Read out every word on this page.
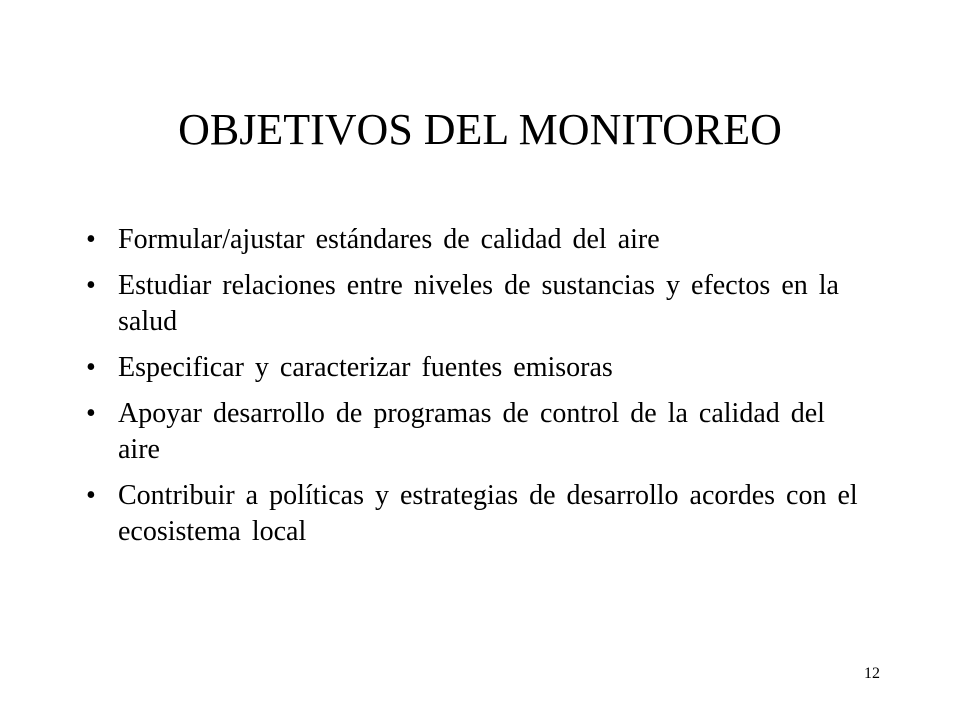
OBJETIVOS DEL MONITOREO
• Formular/ajustar estándares de calidad del aire
• Estudiar relaciones entre niveles de sustancias y efectos en la salud
• Especificar y caracterizar fuentes emisoras
• Apoyar desarrollo de programas de control de la calidad del aire
• Contribuir a políticas y estrategias de desarrollo acordes con el ecosistema local
12
